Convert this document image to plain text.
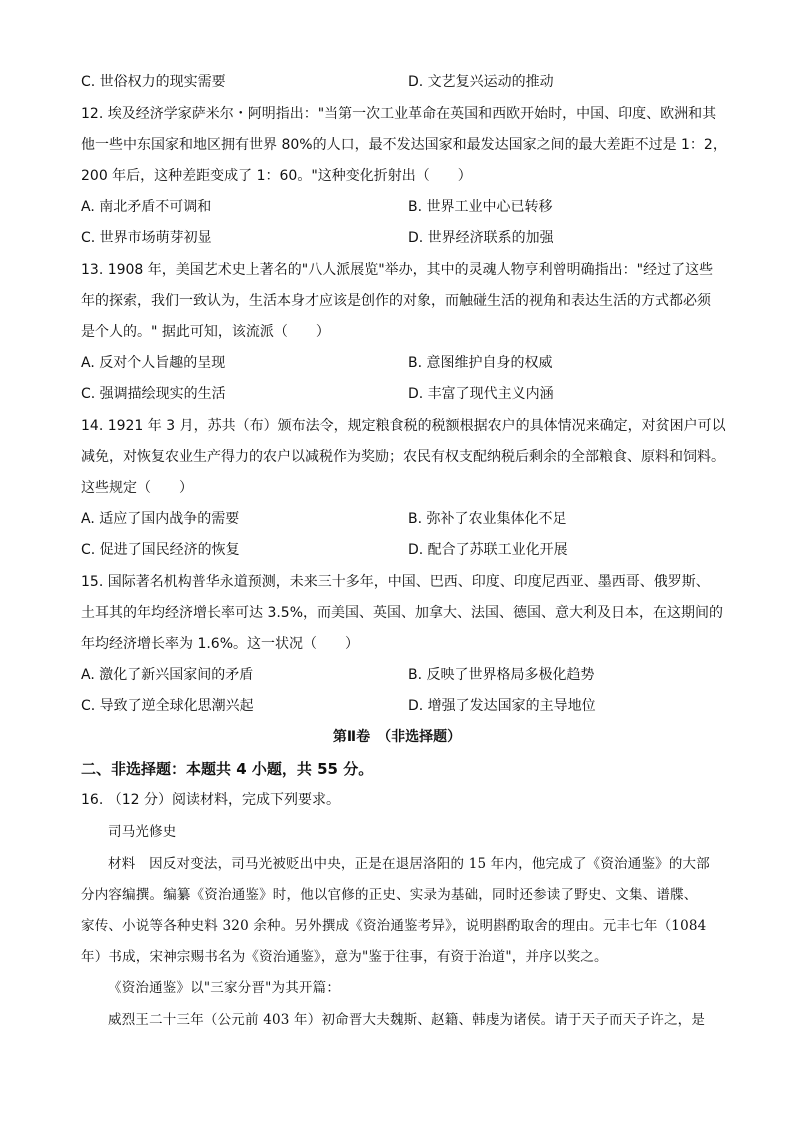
C. 世俗权力的现实需要	D. 文艺复兴运动的推动
12. 埃及经济学家萨米尔・阿明指出："当第一次工业革命在英国和西欧开始时，中国、印度、欧洲和其
他一些中东国家和地区拥有世界 80%的人口，最不发达国家和最发达国家之间的最大差距不过是 1：2，
200 年后，这种差距变成了 1：60。"这种变化折射出（　　）
A. 南北矛盾不可调和	B. 世界工业中心已转移
C. 世界市场萌芽初显	D. 世界经济联系的加强
13. 1908 年，美国艺术史上著名的"八人派展览"举办，其中的灵魂人物亨利曾明确指出："经过了这些
年的探索，我们一致认为，生活本身才应该是创作的对象，而触碰生活的视角和表达生活的方式都必须
是个人的。" 据此可知，该流派（　　）
A. 反对个人旨趣的呈现	B. 意图维护自身的权威
C. 强调描绘现实的生活	D. 丰富了现代主义内涵
14. 1921 年 3 月，苏共（布）颁布法令，规定粮食税的税额根据农户的具体情况来确定，对贫困户可以
减免，对恢复农业生产得力的农户以减税作为奖励；农民有权支配纳税后剩余的全部粮食、原料和饲料。
这些规定（　　）
A. 适应了国内战争的需要	B. 弥补了农业集体化不足
C. 促进了国民经济的恢复	D. 配合了苏联工业化开展
15. 国际著名机构普华永道预测，未来三十多年，中国、巴西、印度、印度尼西亚、墨西哥、俄罗斯、
土耳其的年均经济增长率可达 3.5%，而美国、英国、加拿大、法国、德国、意大利及日本，在这期间的
年均经济增长率为 1.6%。这一状况（　　）
A. 激化了新兴国家间的矛盾	B. 反映了世界格局多极化趋势
C. 导致了逆全球化思潮兴起	D. 增强了发达国家的主导地位
第Ⅱ卷　（非选择题）
二、非选择题：本题共 4 小题，共 55 分。
16. （12 分）阅读材料，完成下列要求。
司马光修史
材料　因反对变法，司马光被贬出中央，正是在退居洛阳的 15 年内，他完成了《资治通鉴》的大部
分内容编撰。编纂《资治通鉴》时，他以官修的正史、实录为基础，同时还参读了野史、文集、谱牒、
家传、小说等各种史料 320 余种。另外撰成《资治通鉴考异》，说明斟酌取舍的理由。元丰七年（1084
年）书成，宋神宗赐书名为《资治通鉴》，意为"鉴于往事，有资于治道"，并序以奖之。
《资治通鉴》以"三家分晋"为其开篇：
威烈王二十三年（公元前 403 年）初命晋大夫魏斯、赵籍、韩虔为诸侯。请于天子而天子许之，是
